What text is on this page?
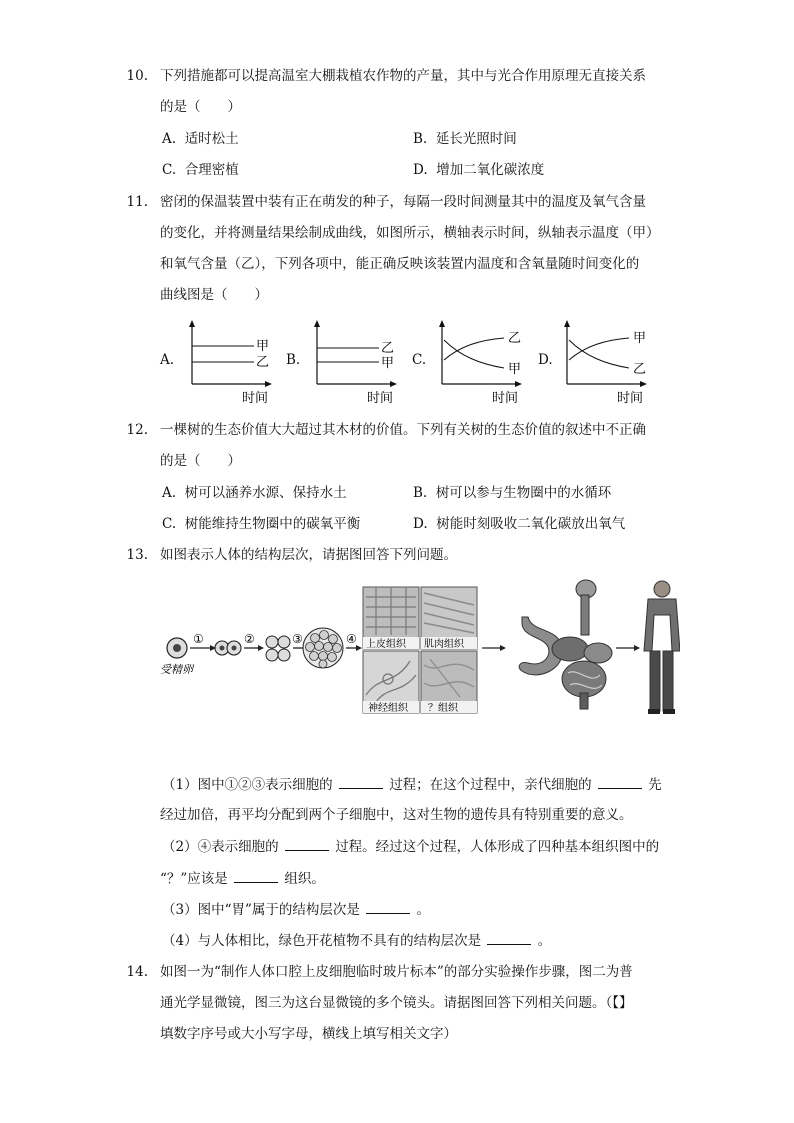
10. 下列措施都可以提高温室大棚栽植农作物的产量，其中与光合作用原理无直接关系
的是（　　）
A. 适时松土	B. 延长光照时间
C. 合理密植	D. 增加二氧化碳浓度
11. 密闭的保温装置中装有正在萌发的种子，每隔一段时间测量其中的温度及氧气含量
的变化，并将测量结果绘制成曲线，如图所示，横轴表示时间，纵轴表示温度（甲）
和氧气含量（乙），下列各项中，能正确反映该装置内温度和含氧量随时间变化的
曲线图是（　　）
A.
甲
乙
时间
B.
乙
甲
时间
C.
乙
甲
时间
D.
甲
乙
时间
12. 一棵树的生态价值大大超过其木材的价值。下列有关树的生态价值的叙述中不正确
的是（　　）
A. 树可以涵养水源、保持水土	B. 树可以参与生物圈中的水循环
C. 树能维持生物圈中的碳氧平衡	D. 树能时刻吸收二氧化碳放出氧气
13. 如图表示人体的结构层次，请据图回答下列问题。
受精卵
①	②	③	④ 上皮组织 肌肉组织
神经组织 ？组织
（1）图中①②③表示细胞的	过程；在这个过程中，亲代细胞的	先
经过加倍，再平均分配到两个子细胞中，这对生物的遗传具有特别重要的意义。
（2）④表示细胞的	过程。经过这个过程，人体形成了四种基本组织图中的
“？”应该是	组织。
（3）图中“胃”属于的结构层次是	。
（4）与人体相比，绿色开花植物不具有的结构层次是	。
14. 如图一为“制作人体口腔上皮细胞临时玻片标本”的部分实验操作步骤，图二为普
通光学显微镜，图三为这台显微镜的多个镜头。请据图回答下列相关问题。（【】
填数字序号或大小写字母，横线上填写相关文字）
